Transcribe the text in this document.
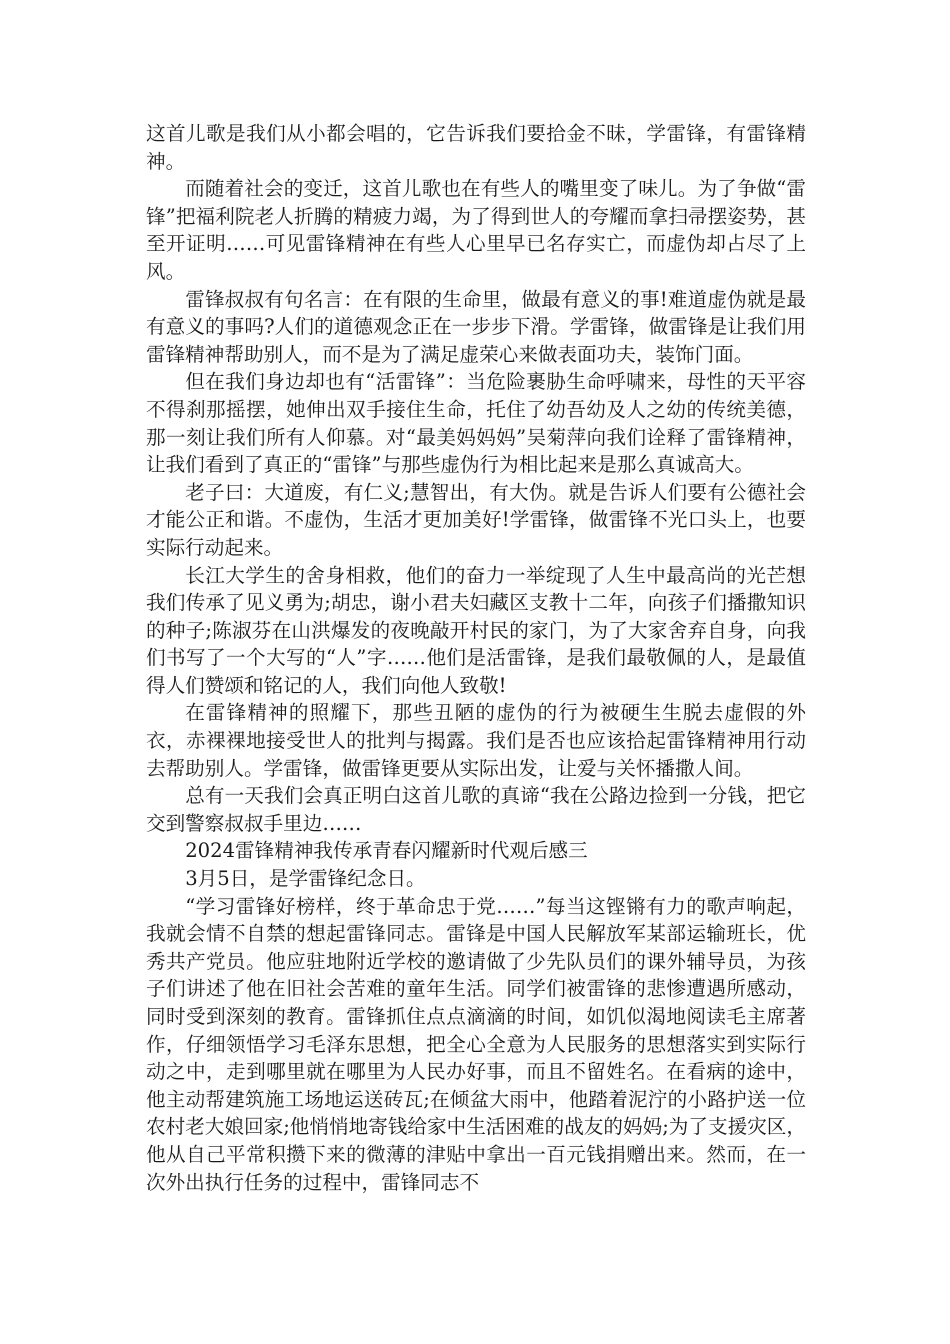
这首儿歌是我们从小都会唱的，它告诉我们要拾金不昧，学雷锋，有雷锋精神。

而随着社会的变迁，这首儿歌也在有些人的嘴里变了味儿。为了争做“雷锋”把福利院老人折腾的精疲力竭，为了得到世人的夸耀而拿扫帚摆姿势，甚至开证明……可见雷锋精神在有些人心里早已名存实亡，而虚伪却占尽了上风。

雷锋叔叔有句名言：在有限的生命里，做最有意义的事!难道虚伪就是最有意义的事吗?人们的道德观念正在一步步下滑。学雷锋，做雷锋是让我们用雷锋精神帮助别人，而不是为了满足虚荣心来做表面功夫，装饰门面。

但在我们身边却也有“活雷锋”：当危险裹胁生命呼啸来，母性的天平容不得刹那摇摆，她伸出双手接住生命，托住了幼吾幼及人之幼的传统美德，那一刻让我们所有人仰慕。对“最美妈妈妈”吴菊萍向我们诠释了雷锋精神，让我们看到了真正的“雷锋”与那些虚伪行为相比起来是那么真诚高大。

老子曰：大道废，有仁义;慧智出，有大伪。就是告诉人们要有公德社会才能公正和谐。不虚伪，生活才更加美好!学雷锋，做雷锋不光口头上，也要实际行动起来。

长江大学生的舍身相救，他们的奋力一举绽现了人生中最高尚的光芒想我们传承了见义勇为;胡忠，谢小君夫妇藏区支教十二年，向孩子们播撒知识的种子;陈淑芬在山洪爆发的夜晚敲开村民的家门，为了大家舍弃自身，向我们书写了一个大写的“人”字……他们是活雷锋，是我们最敬佩的人，是最值得人们赞颂和铭记的人，我们向他人致敬!

在雷锋精神的照耀下，那些丑陋的虚伪的行为被硬生生脱去虚假的外衣，赤裸裸地接受世人的批判与揭露。我们是否也应该拾起雷锋精神用行动去帮助别人。学雷锋，做雷锋更要从实际出发，让爱与关怀播撒人间。

总有一天我们会真正明白这首儿歌的真谛“我在公路边捡到一分钱，把它交到警察叔叔手里边……

2024雷锋精神我传承青春闪耀新时代观后感三

3月5日，是学雷锋纪念日。

“学习雷锋好榜样，终于革命忠于党……”每当这铿锵有力的歌声响起，我就会情不自禁的想起雷锋同志。雷锋是中国人民解放军某部运输班长，优秀共产党员。他应驻地附近学校的邀请做了少先队员们的课外辅导员，为孩子们讲述了他在旧社会苦难的童年生活。同学们被雷锋的悲惨遭遇所感动，同时受到深刻的教育。雷锋抓住点点滴滴的时间，如饥似渴地阅读毛主席著作，仔细领悟学习毛泽东思想，把全心全意为人民服务的思想落实到实际行动之中，走到哪里就在哪里为人民办好事，而且不留姓名。在看病的途中，他主动帮建筑施工场地运送砖瓦;在倾盆大雨中，他踏着泥泞的小路护送一位农村老大娘回家;他悄悄地寄钱给家中生活困难的战友的妈妈;为了支援灾区，他从自己平常积攒下来的微薄的津贴中拿出一百元钱捐赠出来。然而，在一次外出执行任务的过程中，雷锋同志不
